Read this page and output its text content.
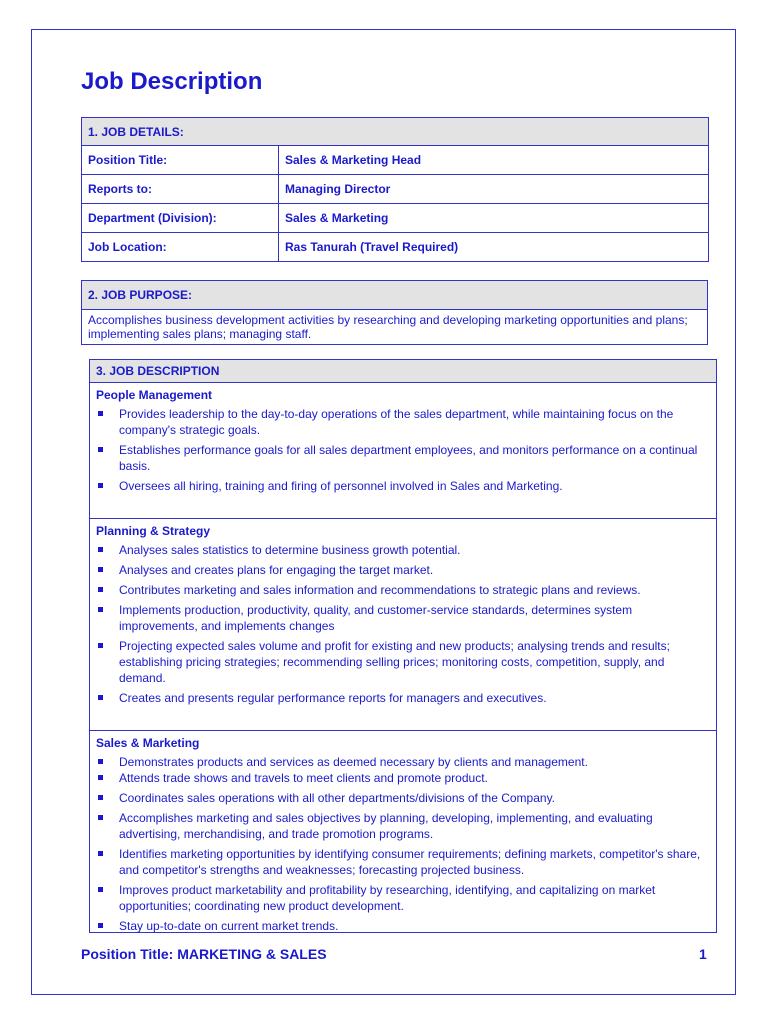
Job Description
1. JOB DETAILS:	
Position Title:	Sales & Marketing Head
Reports to:	Managing Director
Department (Division):	Sales & Marketing
Job Location:	Ras Tanurah (Travel Required)
2. JOB PURPOSE:
Accomplishes business development activities by researching and developing marketing opportunities and plans; implementing sales plans; managing staff.
3. JOB DESCRIPTION
People Management
Provides leadership to the day-to-day operations of the sales department, while maintaining focus on the company's strategic goals.
Establishes performance goals for all sales department employees, and monitors performance on a continual basis.
Oversees all hiring, training and firing of personnel involved in Sales and Marketing.
Planning & Strategy
Analyses sales statistics to determine business growth potential.
Analyses and creates plans for engaging the target market.
Contributes marketing and sales information and recommendations to strategic plans and reviews.
Implements production, productivity, quality, and customer-service standards, determines system improvements, and implements changes
Projecting expected sales volume and profit for existing and new products; analysing trends and results; establishing pricing strategies; recommending selling prices; monitoring costs, competition, supply, and demand.
Creates and presents regular performance reports for managers and executives.
Sales & Marketing
Demonstrates products and services as deemed necessary by clients and management.
Attends trade shows and travels to meet clients and promote product.
Coordinates sales operations with all other departments/divisions of the Company.
Accomplishes marketing and sales objectives by planning, developing, implementing, and evaluating advertising, merchandising, and trade promotion programs.
Identifies marketing opportunities by identifying consumer requirements; defining markets, competitor's share, and competitor's strengths and weaknesses; forecasting projected business.
Improves product marketability and profitability by researching, identifying, and capitalizing on market opportunities; coordinating new product development.
Stay up-to-date on current market trends.
Position Title: MARKETING & SALES	1
